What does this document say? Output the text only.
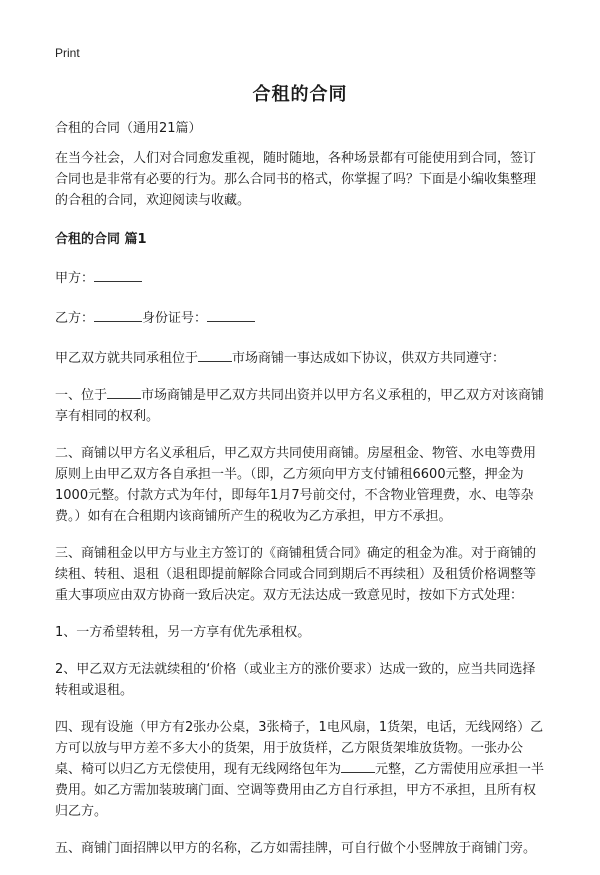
Print
合租的合同

合租的合同（通用21篇）

在当今社会，人们对合同愈发重视，随时随地，各种场景都有可能使用到合同，签订合同也是非常有必要的行为。那么合同书的格式，你掌握了吗？下面是小编收集整理的合租的合同，欢迎阅读与收藏。

合租的合同 篇1

甲方：

乙方：	身份证号：

甲乙双方就共同承租位于	市场商铺一事达成如下协议，供双方共同遵守：

一、位于	市场商铺是甲乙双方共同出资并以甲方名义承租的，甲乙双方对该商铺享有相同的权利。

二、商铺以甲方名义承租后，甲乙双方共同使用商铺。房屋租金、物管、水电等费用原则上由甲乙双方各自承担一半。（即，乙方须向甲方支付铺租6600元整，押金为1000元整。付款方式为年付，即每年1月7号前交付，不含物业管理费，水、电等杂费。）如有在合租期内该商铺所产生的税收为乙方承担，甲方不承担。

三、商铺租金以甲方与业主方签订的《商铺租赁合同》确定的租金为准。对于商铺的续租、转租、退租（退租即提前解除合同或合同到期后不再续租）及租赁价格调整等重大事项应由双方协商一致后决定。双方无法达成一致意见时，按如下方式处理：

1、一方希望转租，另一方享有优先承租权。

2、甲乙双方无法就续租的‘价格（或业主方的涨价要求）达成一致的，应当共同选择转租或退租。

四、现有设施（甲方有2张办公桌，3张椅子，1电风扇，1货架，电话，无线网络）乙方可以放与甲方差不多大小的货架，用于放货样，乙方限货架堆放货物。一张办公桌、椅可以归乙方无偿使用，现有无线网络包年为	元整，乙方需使用应承担一半费用。如乙方需加装玻璃门面、空调等费用由乙方自行承担，甲方不承担，且所有权归乙方。

五、商铺门面招牌以甲方的名称，乙方如需挂牌，可自行做个小竖牌放于商铺门旁。
